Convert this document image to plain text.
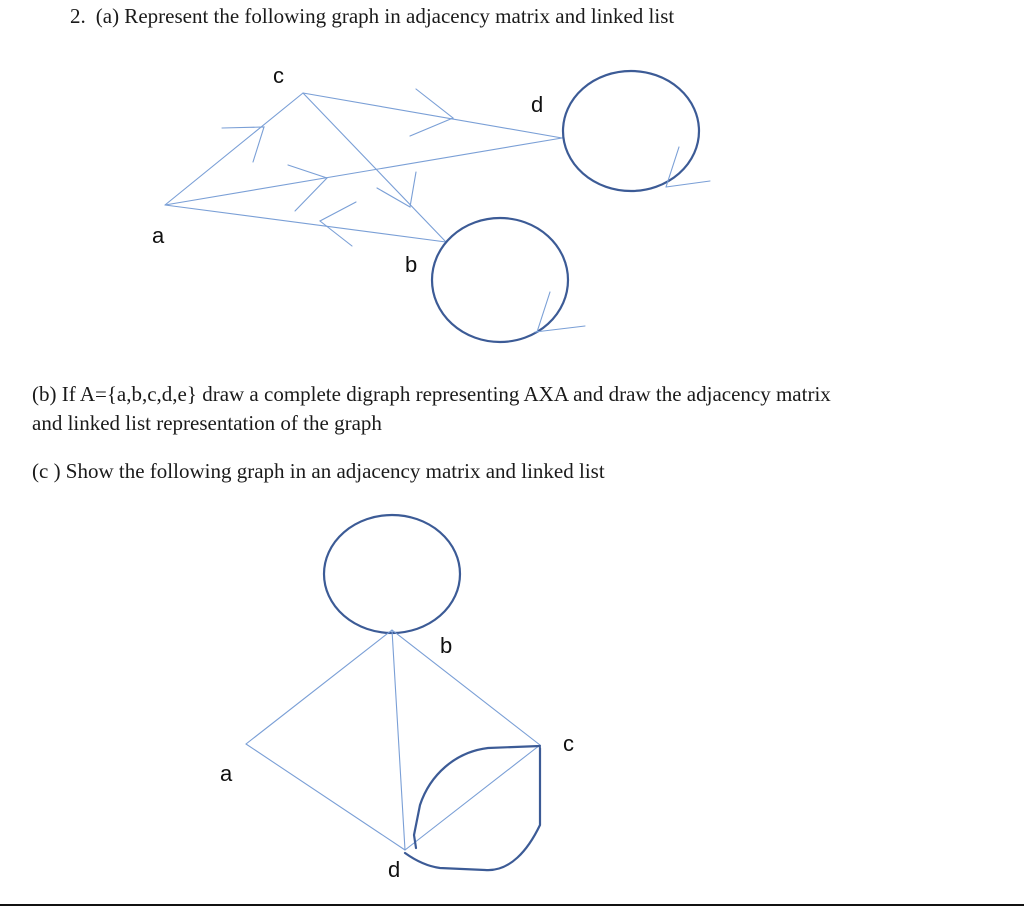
2. (a) Represent the following graph in adjacency matrix and linked list
(b) If A={a,b,c,d,e} draw a complete digraph representing AXA and draw the adjacency matrix
and linked list representation of the graph
(c ) Show the following graph in an adjacency matrix and linked list
c
d
a
b
b
c
a
d
